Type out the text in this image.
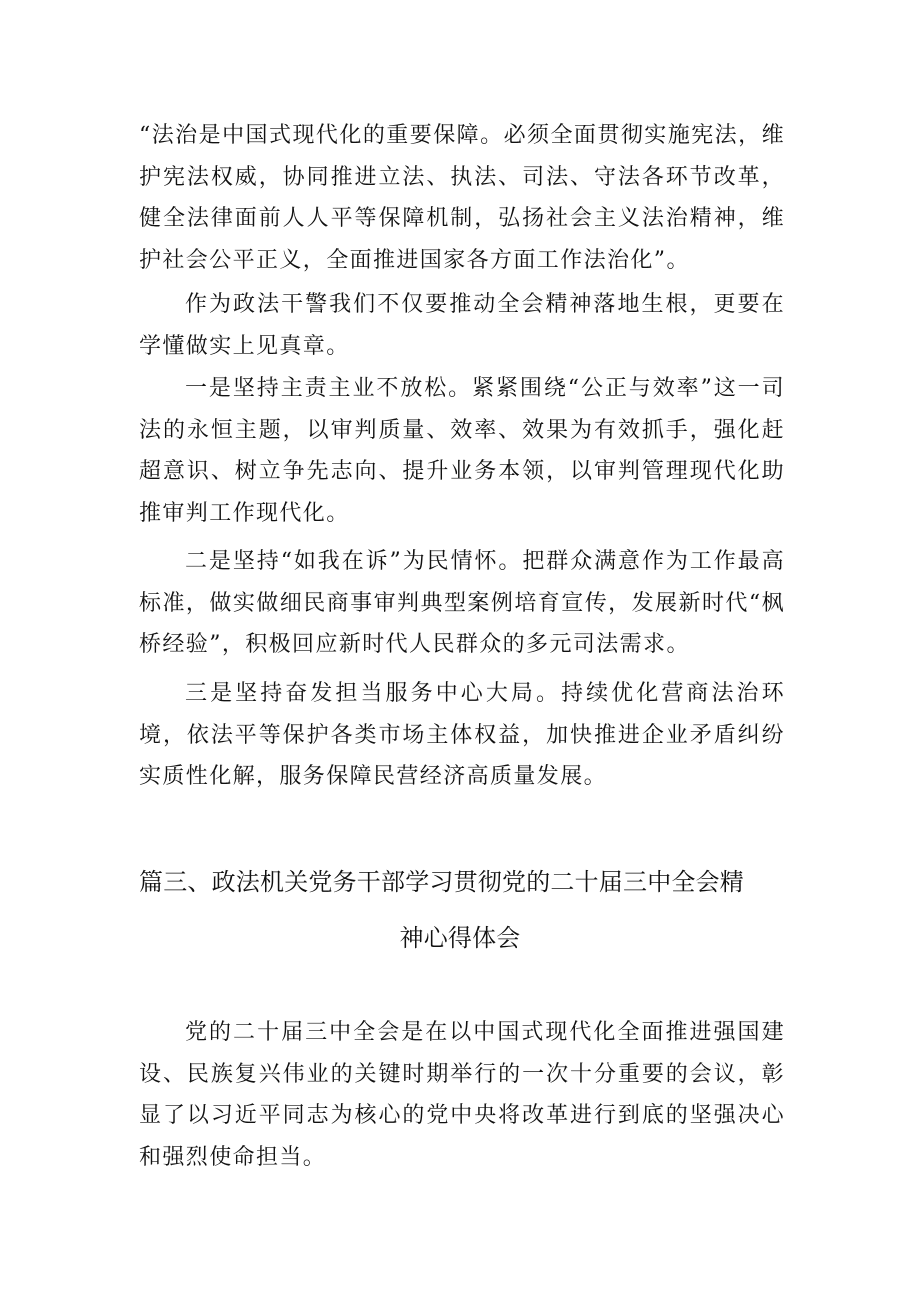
“法治是中国式现代化的重要保障。必须全面贯彻实施宪法，维护宪法权威，协同推进立法、执法、司法、守法各环节改革，健全法律面前人人平等保障机制，弘扬社会主义法治精神，维护社会公平正义，全面推进国家各方面工作法治化”。

作为政法干警我们不仅要推动全会精神落地生根，更要在学懂做实上见真章。

一是坚持主责主业不放松。紧紧围绕“公正与效率”这一司法的永恒主题，以审判质量、效率、效果为有效抓手，强化赶超意识、树立争先志向、提升业务本领，以审判管理现代化助推审判工作现代化。

二是坚持“如我在诉”为民情怀。把群众满意作为工作最高标准，做实做细民商事审判典型案例培育宣传，发展新时代“枫桥经验”，积极回应新时代人民群众的多元司法需求。

三是坚持奋发担当服务中心大局。持续优化营商法治环境，依法平等保护各类市场主体权益，加快推进企业矛盾纠纷实质性化解，服务保障民营经济高质量发展。

篇三、政法机关党务干部学习贯彻党的二十届三中全会精
神心得体会

党的二十届三中全会是在以中国式现代化全面推进强国建设、民族复兴伟业的关键时期举行的一次十分重要的会议，彰显了以习近平同志为核心的党中央将改革进行到底的坚强决心和强烈使命担当。
